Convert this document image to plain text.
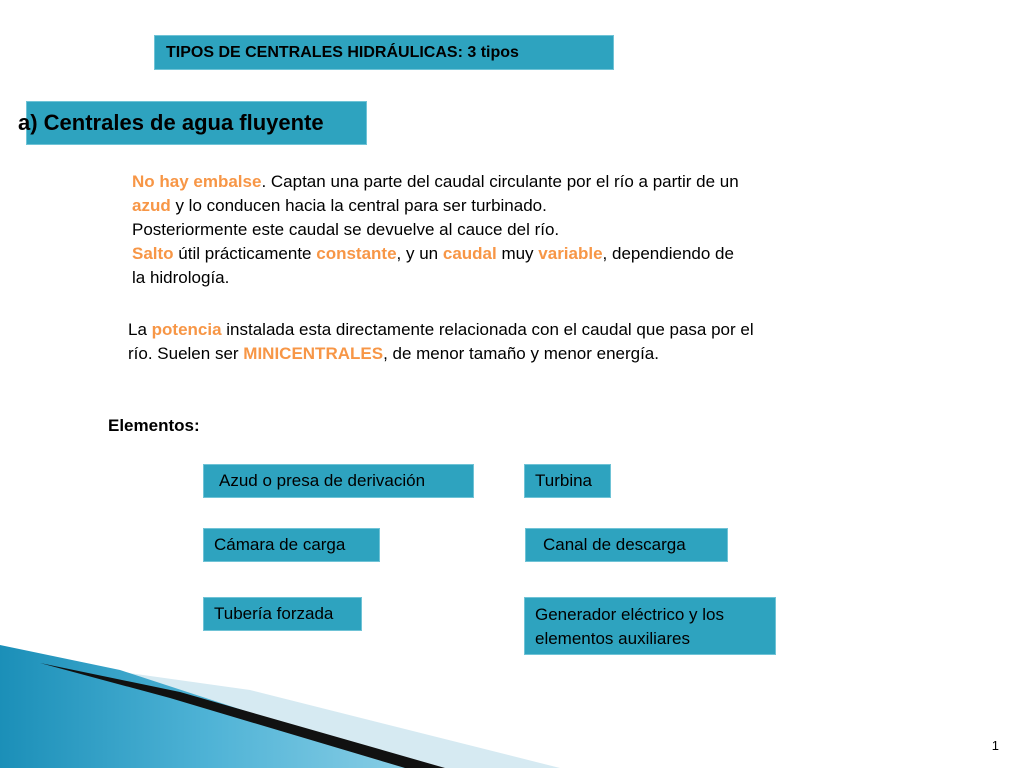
TIPOS DE CENTRALES HIDRÁULICAS: 3 tipos

a) Centrales de agua fluyente

No hay embalse. Captan una parte del caudal circulante por el río a partir de un
azud y lo conducen hacia la central para ser turbinado.
Posteriormente este caudal se devuelve al cauce del río.
Salto útil prácticamente constante, y un caudal muy variable, dependiendo de
la hidrología.

La potencia instalada esta directamente relacionada con el caudal que pasa por el
río. Suelen ser MINICENTRALES, de menor tamaño y menor energía.

Elementos:

Azud o presa de derivación	Turbina
Cámara de carga	Canal de descarga
Tubería forzada	Generador eléctrico y los
elementos auxiliares

1
